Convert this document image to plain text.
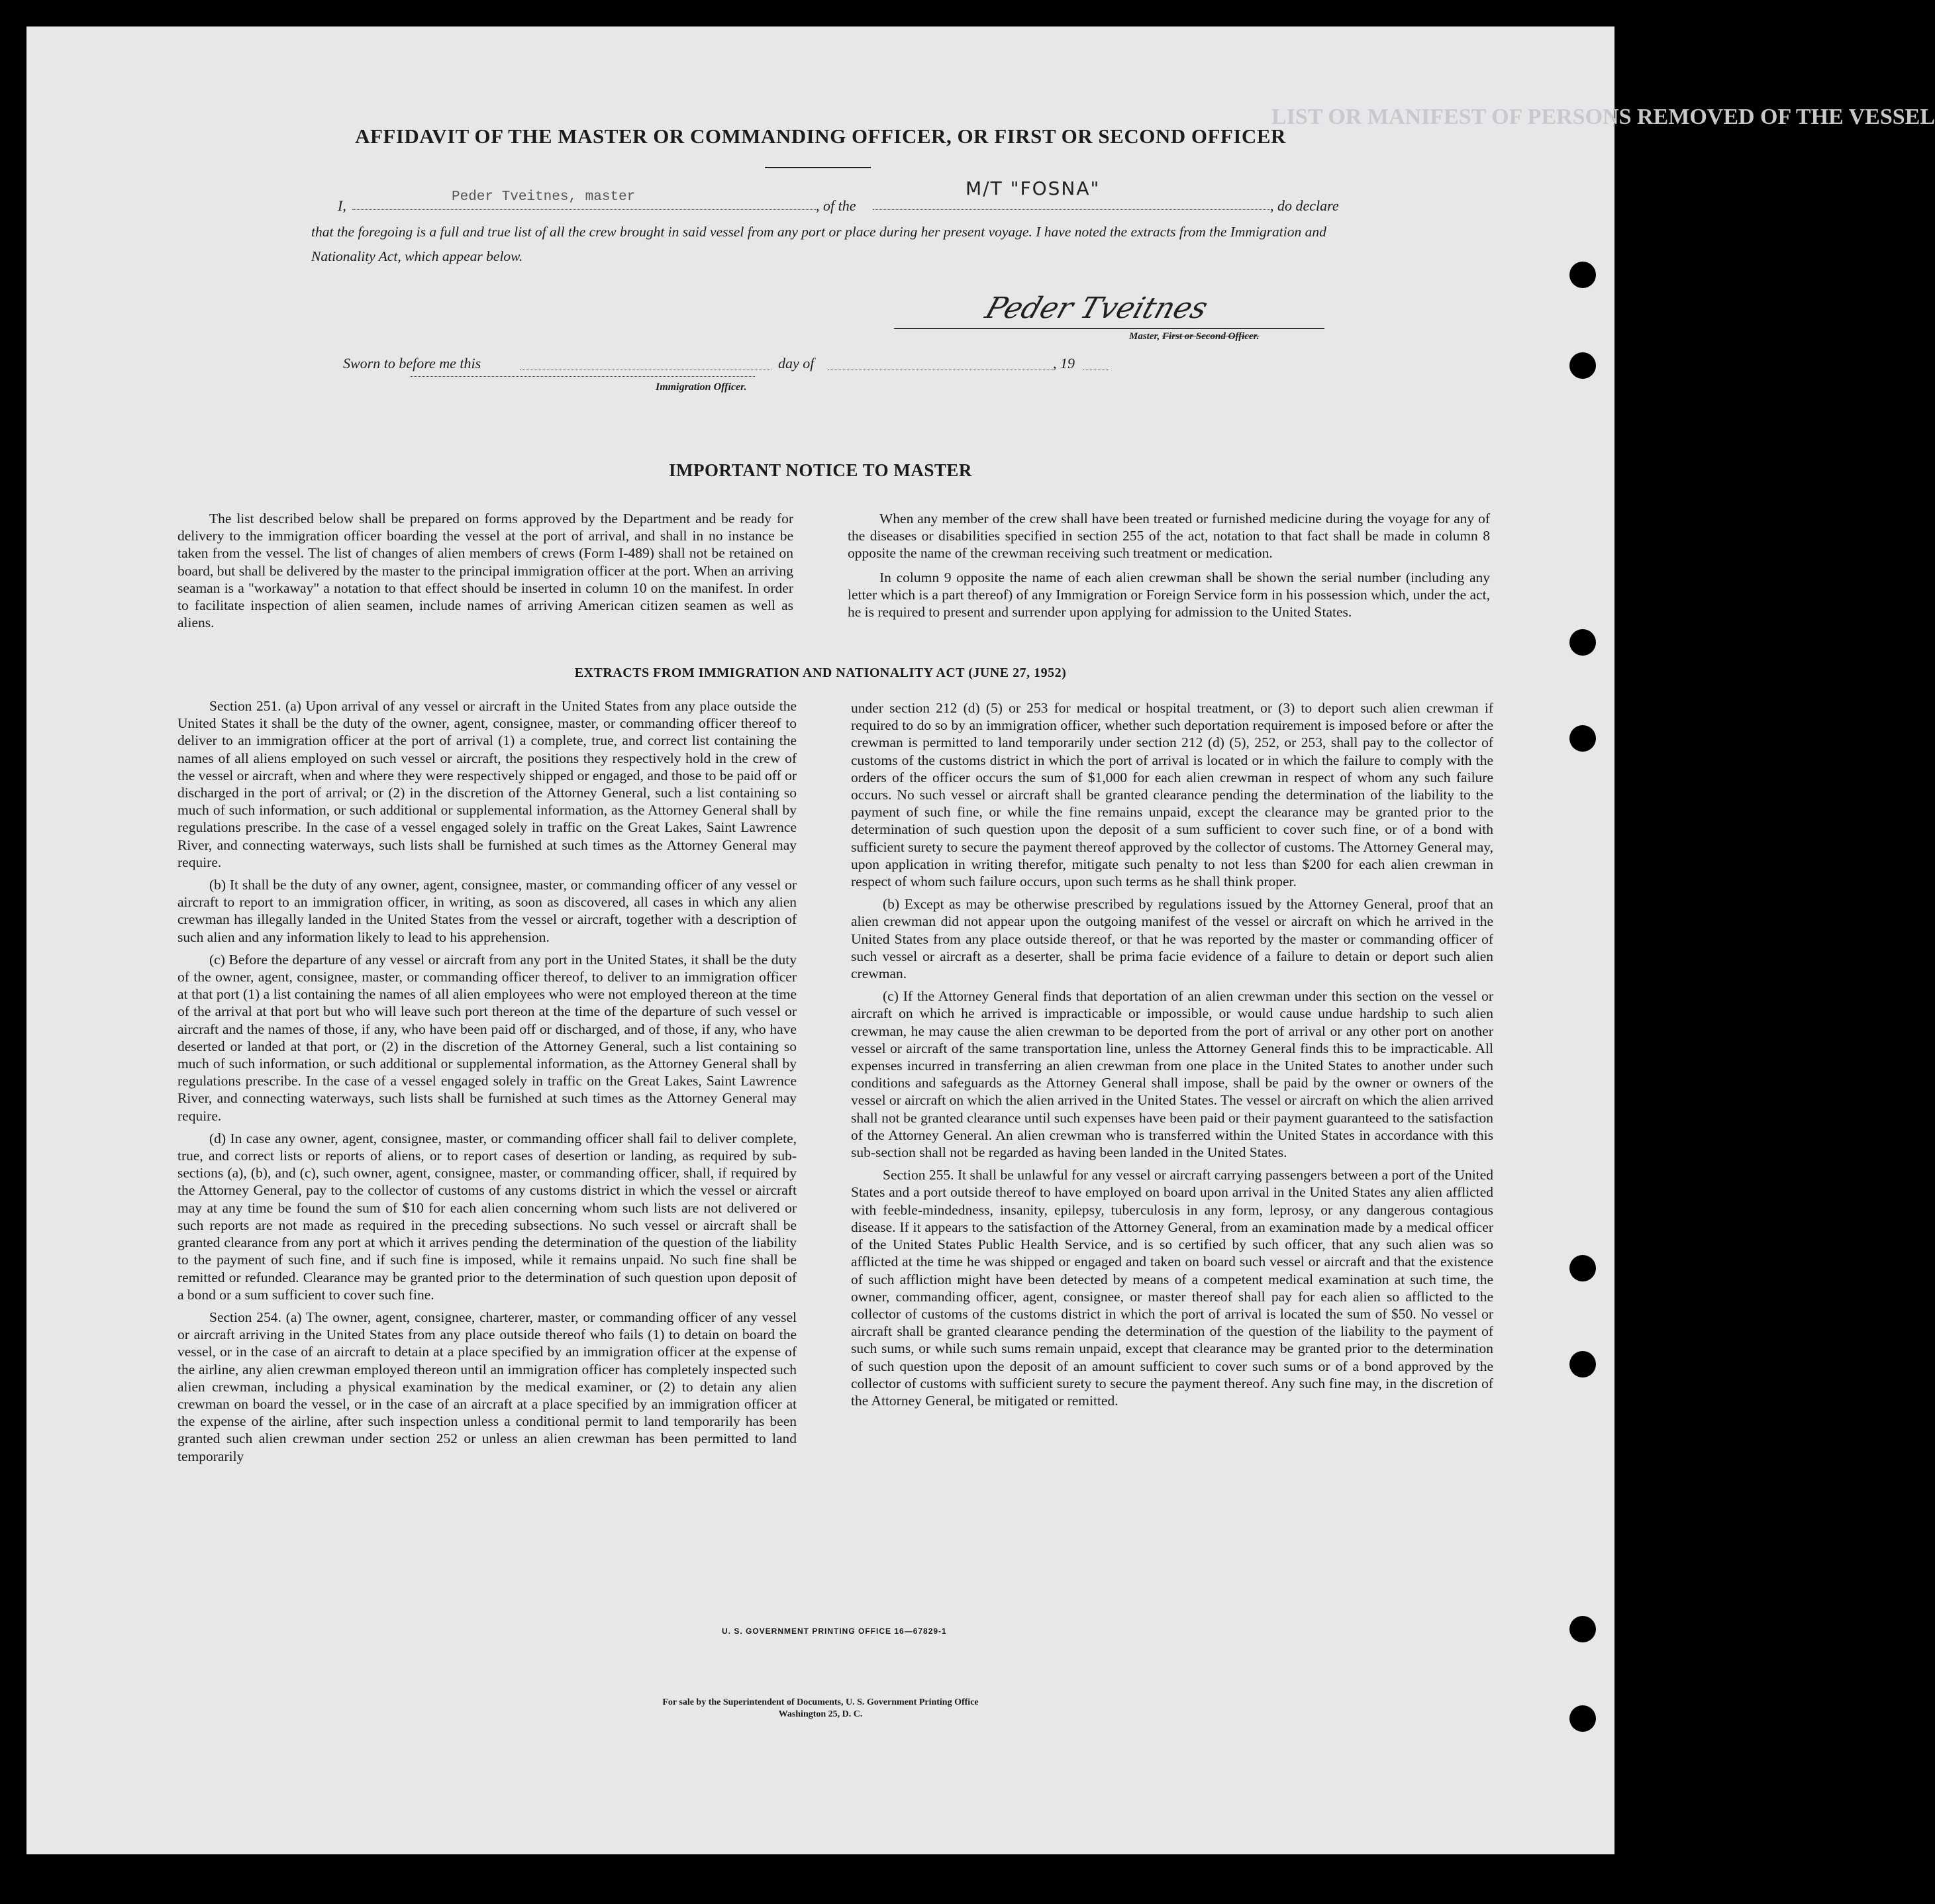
LIST OR MANIFEST OF PERSONS REMOVED OF THE VESSEL
AFFIDAVIT OF THE MASTER OR COMMANDING OFFICER, OR FIRST OR SECOND OFFICER
I,
Peder Tveitnes, master
, of the
M/T "FOSNA"
, do declare
that the foregoing is a full and true list of all the crew brought in said vessel from any port or place during her present voyage. I have noted the extracts from the Immigration and Nationality Act, which appear below.
Peder Tveitnes
Master, First or Second Officer.
Sworn to before me this	day of	, 19
Immigration Officer.
IMPORTANT NOTICE TO MASTER

The list described below shall be prepared on forms approved by the Department and be ready for delivery to the immigration officer boarding the vessel at the port of arrival, and shall in no instance be taken from the vessel. The list of changes of alien members of crews (Form I-489) shall not be retained on board, but shall be delivered by the master to the principal immigration officer at the port. When an arriving seaman is a "workaway" a notation to that effect should be inserted in column 10 on the manifest. In order to facilitate inspection of alien seamen, include names of arriving American citizen seamen as well as aliens.

When any member of the crew shall have been treated or furnished medicine during the voyage for any of the diseases or disabilities specified in section 255 of the act, notation to that fact shall be made in column 8 opposite the name of the crewman receiving such treatment or medication.

In column 9 opposite the name of each alien crewman shall be shown the serial number (including any letter which is a part thereof) of any Immigration or Foreign Service form in his possession which, under the act, he is required to present and surrender upon applying for admission to the United States.

EXTRACTS FROM IMMIGRATION AND NATIONALITY ACT (JUNE 27, 1952)

Section 251. (a) Upon arrival of any vessel or aircraft in the United States from any place outside the United States it shall be the duty of the owner, agent, consignee, master, or commanding officer thereof to deliver to an immigration officer at the port of arrival (1) a complete, true, and correct list containing the names of all aliens employed on such vessel or aircraft, the positions they respectively hold in the crew of the vessel or aircraft, when and where they were respectively shipped or engaged, and those to be paid off or discharged in the port of arrival; or (2) in the discretion of the Attorney General, such a list containing so much of such information, or such additional or supplemental information, as the Attorney General shall by regulations prescribe. In the case of a vessel engaged solely in traffic on the Great Lakes, Saint Lawrence River, and connecting waterways, such lists shall be furnished at such times as the Attorney General may require.

(b) It shall be the duty of any owner, agent, consignee, master, or commanding officer of any vessel or aircraft to report to an immigration officer, in writing, as soon as discovered, all cases in which any alien crewman has illegally landed in the United States from the vessel or aircraft, together with a description of such alien and any information likely to lead to his apprehension.

(c) Before the departure of any vessel or aircraft from any port in the United States, it shall be the duty of the owner, agent, consignee, master, or commanding officer thereof, to deliver to an immigration officer at that port (1) a list containing the names of all alien employees who were not employed thereon at the time of the arrival at that port but who will leave such port thereon at the time of the departure of such vessel or aircraft and the names of those, if any, who have been paid off or discharged, and of those, if any, who have deserted or landed at that port, or (2) in the discretion of the Attorney General, such a list containing so much of such information, or such additional or supplemental information, as the Attorney General shall by regulations prescribe. In the case of a vessel engaged solely in traffic on the Great Lakes, Saint Lawrence River, and connecting waterways, such lists shall be furnished at such times as the Attorney General may require.

(d) In case any owner, agent, consignee, master, or commanding officer shall fail to deliver complete, true, and correct lists or reports of aliens, or to report cases of desertion or landing, as required by sub-sections (a), (b), and (c), such owner, agent, consignee, master, or commanding officer, shall, if required by the Attorney General, pay to the collector of customs of any customs district in which the vessel or aircraft may at any time be found the sum of $10 for each alien concerning whom such lists are not delivered or such reports are not made as required in the preceding subsections. No such vessel or aircraft shall be granted clearance from any port at which it arrives pending the determination of the question of the liability to the payment of such fine, and if such fine is imposed, while it remains unpaid. No such fine shall be remitted or refunded. Clearance may be granted prior to the determination of such question upon deposit of a bond or a sum sufficient to cover such fine.

Section 254. (a) The owner, agent, consignee, charterer, master, or commanding officer of any vessel or aircraft arriving in the United States from any place outside thereof who fails (1) to detain on board the vessel, or in the case of an aircraft to detain at a place specified by an immigration officer at the expense of the airline, any alien crewman employed thereon until an immigration officer has completely inspected such alien crewman, including a physical examination by the medical examiner, or (2) to detain any alien crewman on board the vessel, or in the case of an aircraft at a place specified by an immigration officer at the expense of the airline, after such inspection unless a conditional permit to land temporarily has been granted such alien crewman under section 252 or unless an alien crewman has been permitted to land temporarily

under section 212 (d) (5) or 253 for medical or hospital treatment, or (3) to deport such alien crewman if required to do so by an immigration officer, whether such deportation requirement is imposed before or after the crewman is permitted to land temporarily under section 212 (d) (5), 252, or 253, shall pay to the collector of customs of the customs district in which the port of arrival is located or in which the failure to comply with the orders of the officer occurs the sum of $1,000 for each alien crewman in respect of whom any such failure occurs. No such vessel or aircraft shall be granted clearance pending the determination of the liability to the payment of such fine, or while the fine remains unpaid, except the clearance may be granted prior to the determination of such question upon the deposit of a sum sufficient to cover such fine, or of a bond with sufficient surety to secure the payment thereof approved by the collector of customs. The Attorney General may, upon application in writing therefor, mitigate such penalty to not less than $200 for each alien crewman in respect of whom such failure occurs, upon such terms as he shall think proper.

(b) Except as may be otherwise prescribed by regulations issued by the Attorney General, proof that an alien crewman did not appear upon the outgoing manifest of the vessel or aircraft on which he arrived in the United States from any place outside thereof, or that he was reported by the master or commanding officer of such vessel or aircraft as a deserter, shall be prima facie evidence of a failure to detain or deport such alien crewman.

(c) If the Attorney General finds that deportation of an alien crewman under this section on the vessel or aircraft on which he arrived is impracticable or impossible, or would cause undue hardship to such alien crewman, he may cause the alien crewman to be deported from the port of arrival or any other port on another vessel or aircraft of the same transportation line, unless the Attorney General finds this to be impracticable. All expenses incurred in transferring an alien crewman from one place in the United States to another under such conditions and safeguards as the Attorney General shall impose, shall be paid by the owner or owners of the vessel or aircraft on which the alien arrived in the United States. The vessel or aircraft on which the alien arrived shall not be granted clearance until such expenses have been paid or their payment guaranteed to the satisfaction of the Attorney General. An alien crewman who is transferred within the United States in accordance with this sub-section shall not be regarded as having been landed in the United States.

Section 255. It shall be unlawful for any vessel or aircraft carrying passengers between a port of the United States and a port outside thereof to have employed on board upon arrival in the United States any alien afflicted with feeble-mindedness, insanity, epilepsy, tuberculosis in any form, leprosy, or any dangerous contagious disease. If it appears to the satisfaction of the Attorney General, from an examination made by a medical officer of the United States Public Health Service, and is so certified by such officer, that any such alien was so afflicted at the time he was shipped or engaged and taken on board such vessel or aircraft and that the existence of such affliction might have been detected by means of a competent medical examination at such time, the owner, commanding officer, agent, consignee, or master thereof shall pay for each alien so afflicted to the collector of customs of the customs district in which the port of arrival is located the sum of $50. No vessel or aircraft shall be granted clearance pending the determination of the question of the liability to the payment of such sums, or while such sums remain unpaid, except that clearance may be granted prior to the determination of such question upon the deposit of an amount sufficient to cover such sums or of a bond approved by the collector of customs with sufficient surety to secure the payment thereof. Any such fine may, in the discretion of the Attorney General, be mitigated or remitted.

U. S. GOVERNMENT PRINTING OFFICE 16—67829-1
For sale by the Superintendent of Documents, U. S. Government Printing Office
Washington 25, D. C.
